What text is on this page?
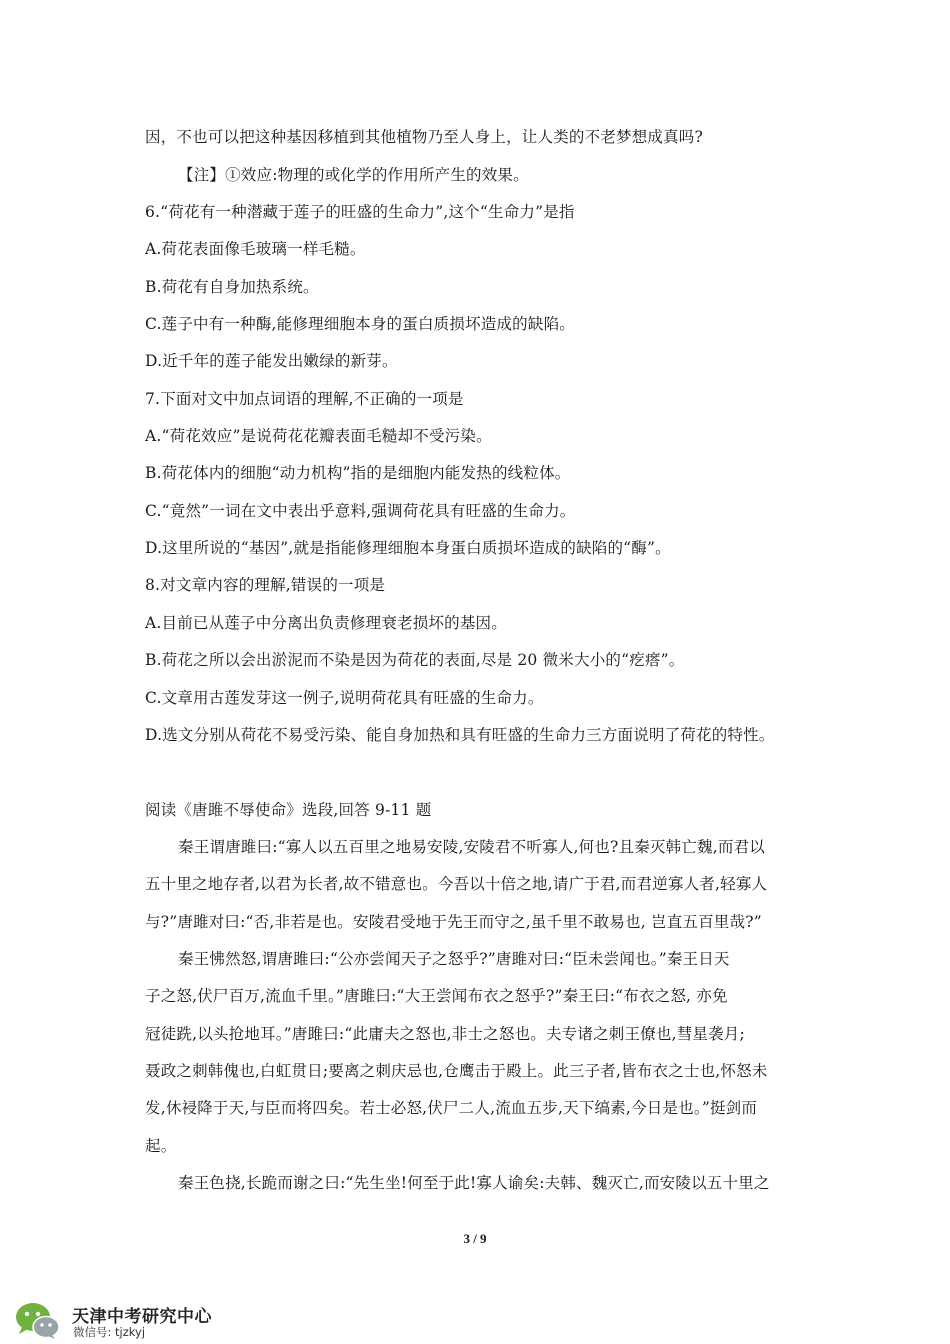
因，不也可以把这种基因移植到其他植物乃至人身上，让人类的不老梦想成真吗?
【注】①效应:物理的或化学的作用所产生的效果。
6.“荷花有一种潜藏于莲子的旺盛的生命力”,这个“生命力”是指
A.荷花表面像毛玻璃一样毛糙。
B.荷花有自身加热系统。
C.莲子中有一种酶,能修理细胞本身的蛋白质损坏造成的缺陷。
D.近千年的莲子能发出嫩绿的新芽。
7.下面对文中加点词语的理解,不正确的一项是
A.“荷花效应”是说荷花花瓣表面毛糙却不受污染。
B.荷花体内的细胞“动力机构”指的是细胞内能发热的线粒体。
C.“竟然”一词在文中表出乎意料,强调荷花具有旺盛的生命力。
D.这里所说的“基因”,就是指能修理细胞本身蛋白质损坏造成的缺陷的“酶”。
8.对文章内容的理解,错误的一项是
A.目前已从莲子中分离出负责修理衰老损坏的基因。
B.荷花之所以会出淤泥而不染是因为荷花的表面,尽是 20 微米大小的“疙瘩”。
C.文章用古莲发芽这一例子,说明荷花具有旺盛的生命力。
D.选文分别从荷花不易受污染、能自身加热和具有旺盛的生命力三方面说明了荷花的特性。
阅读《唐雎不辱使命》选段,回答 9-11 题
秦王谓唐雎曰:“寡人以五百里之地易安陵,安陵君不听寡人,何也?且秦灭韩亡魏,而君以
五十里之地存者,以君为长者,故不错意也。今吾以十倍之地,请广于君,而君逆寡人者,轻寡人
与?”唐雎对曰:“否,非若是也。安陵君受地于先王而守之,虽千里不敢易也, 岂直五百里哉?”
秦王怫然怒,谓唐雎曰:“公亦尝闻天子之怒乎?”唐雎对曰:“臣未尝闻也。”秦王日天
子之怒,伏尸百万,流血千里。”唐雎曰:“大王尝闻布衣之怒乎?”秦王曰:“布衣之怒, 亦免
冠徒跣,以头抢地耳。”唐雎曰:“此庸夫之怒也,非士之怒也。夫专诸之刺王僚也,彗星袭月;
聂政之刺韩傀也,白虹贯日;要离之刺庆忌也,仓鹰击于殿上。此三子者,皆布衣之士也,怀怒未
发,休祲降于天,与臣而将四矣。若士必怒,伏尸二人,流血五步,天下缟素,今日是也。”挺剑而
起。
秦王色挠,长跪而谢之曰:“先生坐!何至于此!寡人谕矣:夫韩、魏灭亡,而安陵以五十里之
3 / 9
天津中考研究中心
微信号: tjzkyj
